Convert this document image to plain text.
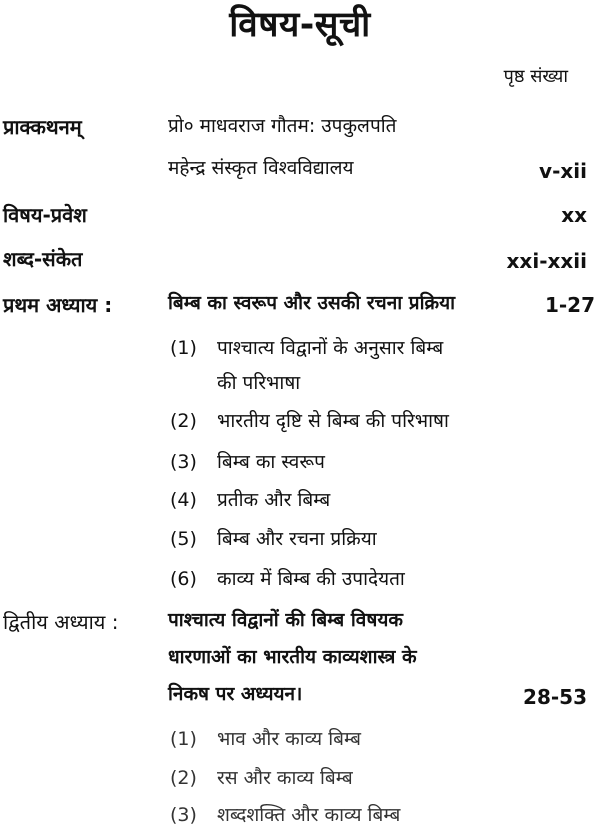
विषय-सूची
पृष्ठ संख्या
प्राक्कथनम्	प्रो० माधवराज गौतम: उपकुलपति
महेन्द्र संस्कृत विश्वविद्यालय	v-xii
विषय-प्रवेश	xx
शब्द-संकेत	xxi-xxii
प्रथम अध्याय :	बिम्ब का स्वरूप और उसकी रचना प्रक्रिया	1-27
(1) पाश्चात्य विद्वानों के अनुसार बिम्ब
की परिभाषा
(2) भारतीय दृष्टि से बिम्ब की परिभाषा
(3) बिम्ब का स्वरूप
(4) प्रतीक और बिम्ब
(5) बिम्ब और रचना प्रक्रिया
(6) काव्य में बिम्ब की उपादेयता
द्वितीय अध्याय :	पाश्चात्य विद्वानों की बिम्ब विषयक
धारणाओं का भारतीय काव्यशास्त्र के
निकष पर अध्ययन।	28-53
(1) भाव और काव्य बिम्ब
(2) रस और काव्य बिम्ब
(3) शब्दशक्ति और काव्य बिम्ब
